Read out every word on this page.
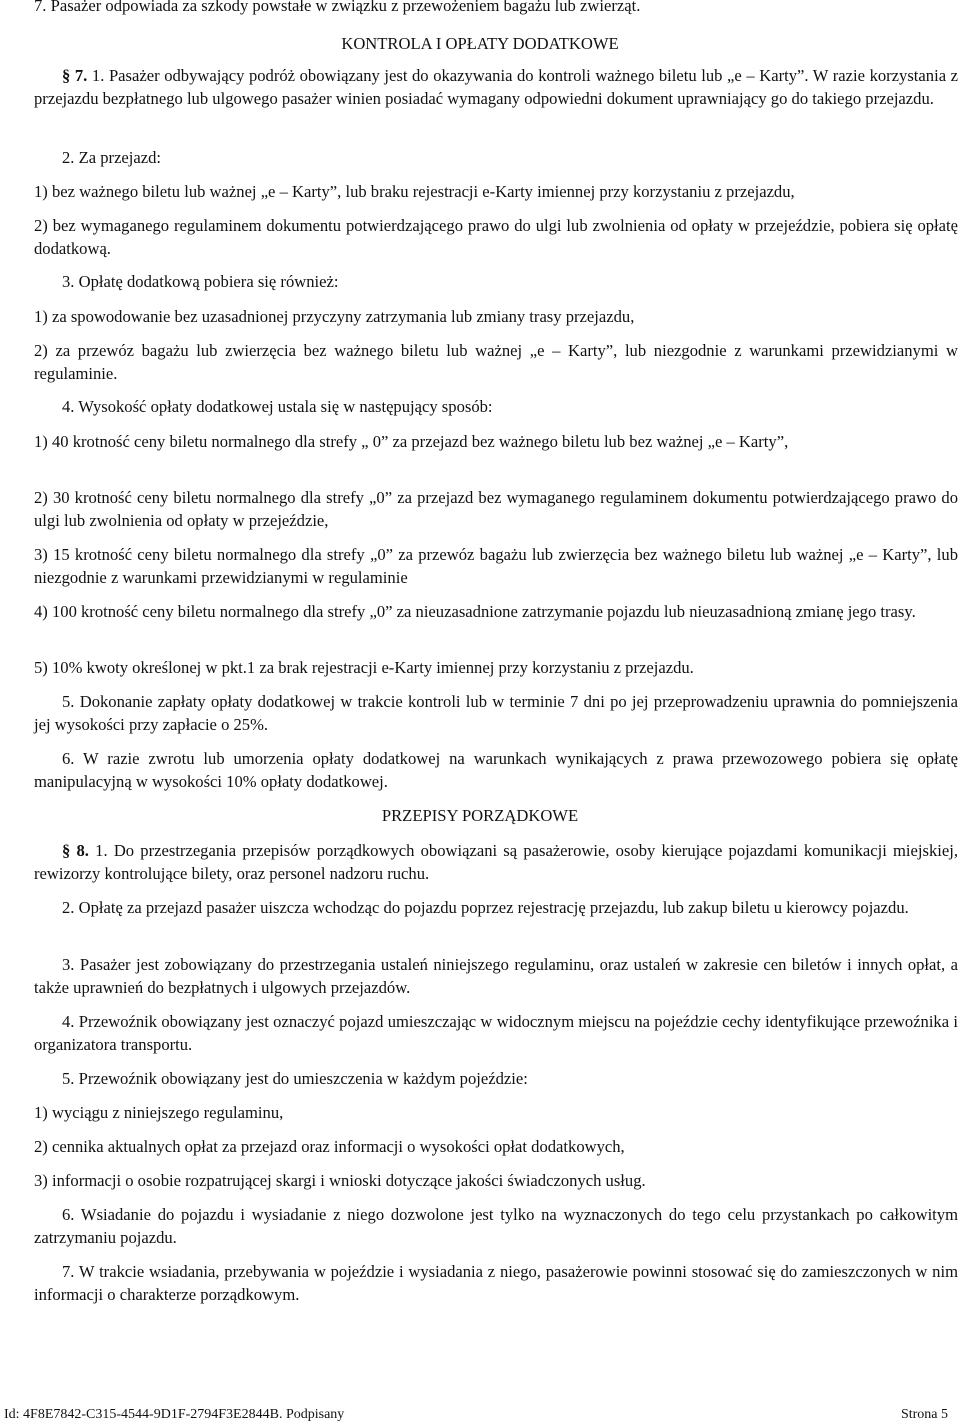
7. Pasażer odpowiada za szkody powstałe w związku z przewożeniem bagażu lub zwierząt.

KONTROLA I OPŁATY DODATKOWE

§ 7. 1. Pasażer odbywający podróż obowiązany jest do okazywania do kontroli ważnego biletu lub „e – Karty”. W razie korzystania z przejazdu bezpłatnego lub ulgowego pasażer winien posiadać wymagany odpowiedni dokument uprawniający go do takiego przejazdu.

2. Za przejazd:

1) bez ważnego biletu lub ważnej „e – Karty”, lub braku rejestracji e-Karty imiennej przy korzystaniu z przejazdu,

2) bez wymaganego regulaminem dokumentu potwierdzającego prawo do ulgi lub zwolnienia od opłaty w przejeździe, pobiera się opłatę dodatkową.

3. Opłatę dodatkową pobiera się również:

1) za spowodowanie bez uzasadnionej przyczyny zatrzymania lub zmiany trasy przejazdu,

2) za przewóz bagażu lub zwierzęcia bez ważnego biletu lub ważnej „e – Karty”, lub niezgodnie z warunkami przewidzianymi w regulaminie.

4. Wysokość opłaty dodatkowej ustala się w następujący sposób:

1) 40 krotność ceny biletu normalnego dla strefy „ 0” za przejazd bez ważnego biletu lub bez ważnej „e – Karty”,

2) 30 krotność ceny biletu normalnego dla strefy „0” za przejazd bez wymaganego regulaminem dokumentu potwierdzającego prawo do ulgi lub zwolnienia od opłaty w przejeździe,

3) 15 krotność ceny biletu normalnego dla strefy „0” za przewóz bagażu lub zwierzęcia bez ważnego biletu lub ważnej „e – Karty”, lub niezgodnie z warunkami przewidzianymi w regulaminie

4) 100 krotność ceny biletu normalnego dla strefy „0” za nieuzasadnione zatrzymanie pojazdu lub nieuzasadnioną zmianę jego trasy.

5) 10% kwoty określonej w pkt.1 za brak rejestracji e-Karty imiennej przy korzystaniu z przejazdu.

5. Dokonanie zapłaty opłaty dodatkowej w trakcie kontroli lub w terminie 7 dni po jej przeprowadzeniu uprawnia do pomniejszenia jej wysokości przy zapłacie o 25%.

6. W razie zwrotu lub umorzenia opłaty dodatkowej na warunkach wynikających z prawa przewozowego pobiera się opłatę manipulacyjną w wysokości 10% opłaty dodatkowej.

PRZEPISY PORZĄDKOWE

§ 8. 1. Do przestrzegania przepisów porządkowych obowiązani są pasażerowie, osoby kierujące pojazdami komunikacji miejskiej, rewizorzy kontrolujące bilety, oraz personel nadzoru ruchu.

2. Opłatę za przejazd pasażer uiszcza wchodząc do pojazdu poprzez rejestrację przejazdu, lub zakup biletu u kierowcy pojazdu.

3. Pasażer jest zobowiązany do przestrzegania ustaleń niniejszego regulaminu, oraz ustaleń w zakresie cen biletów i innych opłat, a także uprawnień do bezpłatnych i ulgowych przejazdów.

4. Przewoźnik obowiązany jest oznaczyć pojazd umieszczając w widocznym miejscu na pojeździe cechy identyfikujące przewoźnika i organizatora transportu.

5. Przewoźnik obowiązany jest do umieszczenia w każdym pojeździe:

1) wyciągu z niniejszego regulaminu,

2) cennika aktualnych opłat za przejazd oraz informacji o wysokości opłat dodatkowych,

3) informacji o osobie rozpatrującej skargi i wnioski dotyczące jakości świadczonych usług.

6. Wsiadanie do pojazdu i wysiadanie z niego dozwolone jest tylko na wyznaczonych do tego celu przystankach po całkowitym zatrzymaniu pojazdu.

7. W trakcie wsiadania, przebywania w pojeździe i wysiadania z niego, pasażerowie powinni stosować się do zamieszczonych w nim informacji o charakterze porządkowym.

Id: 4F8E7842-C315-4544-9D1F-2794F3E2844B. Podpisany	Strona 5
